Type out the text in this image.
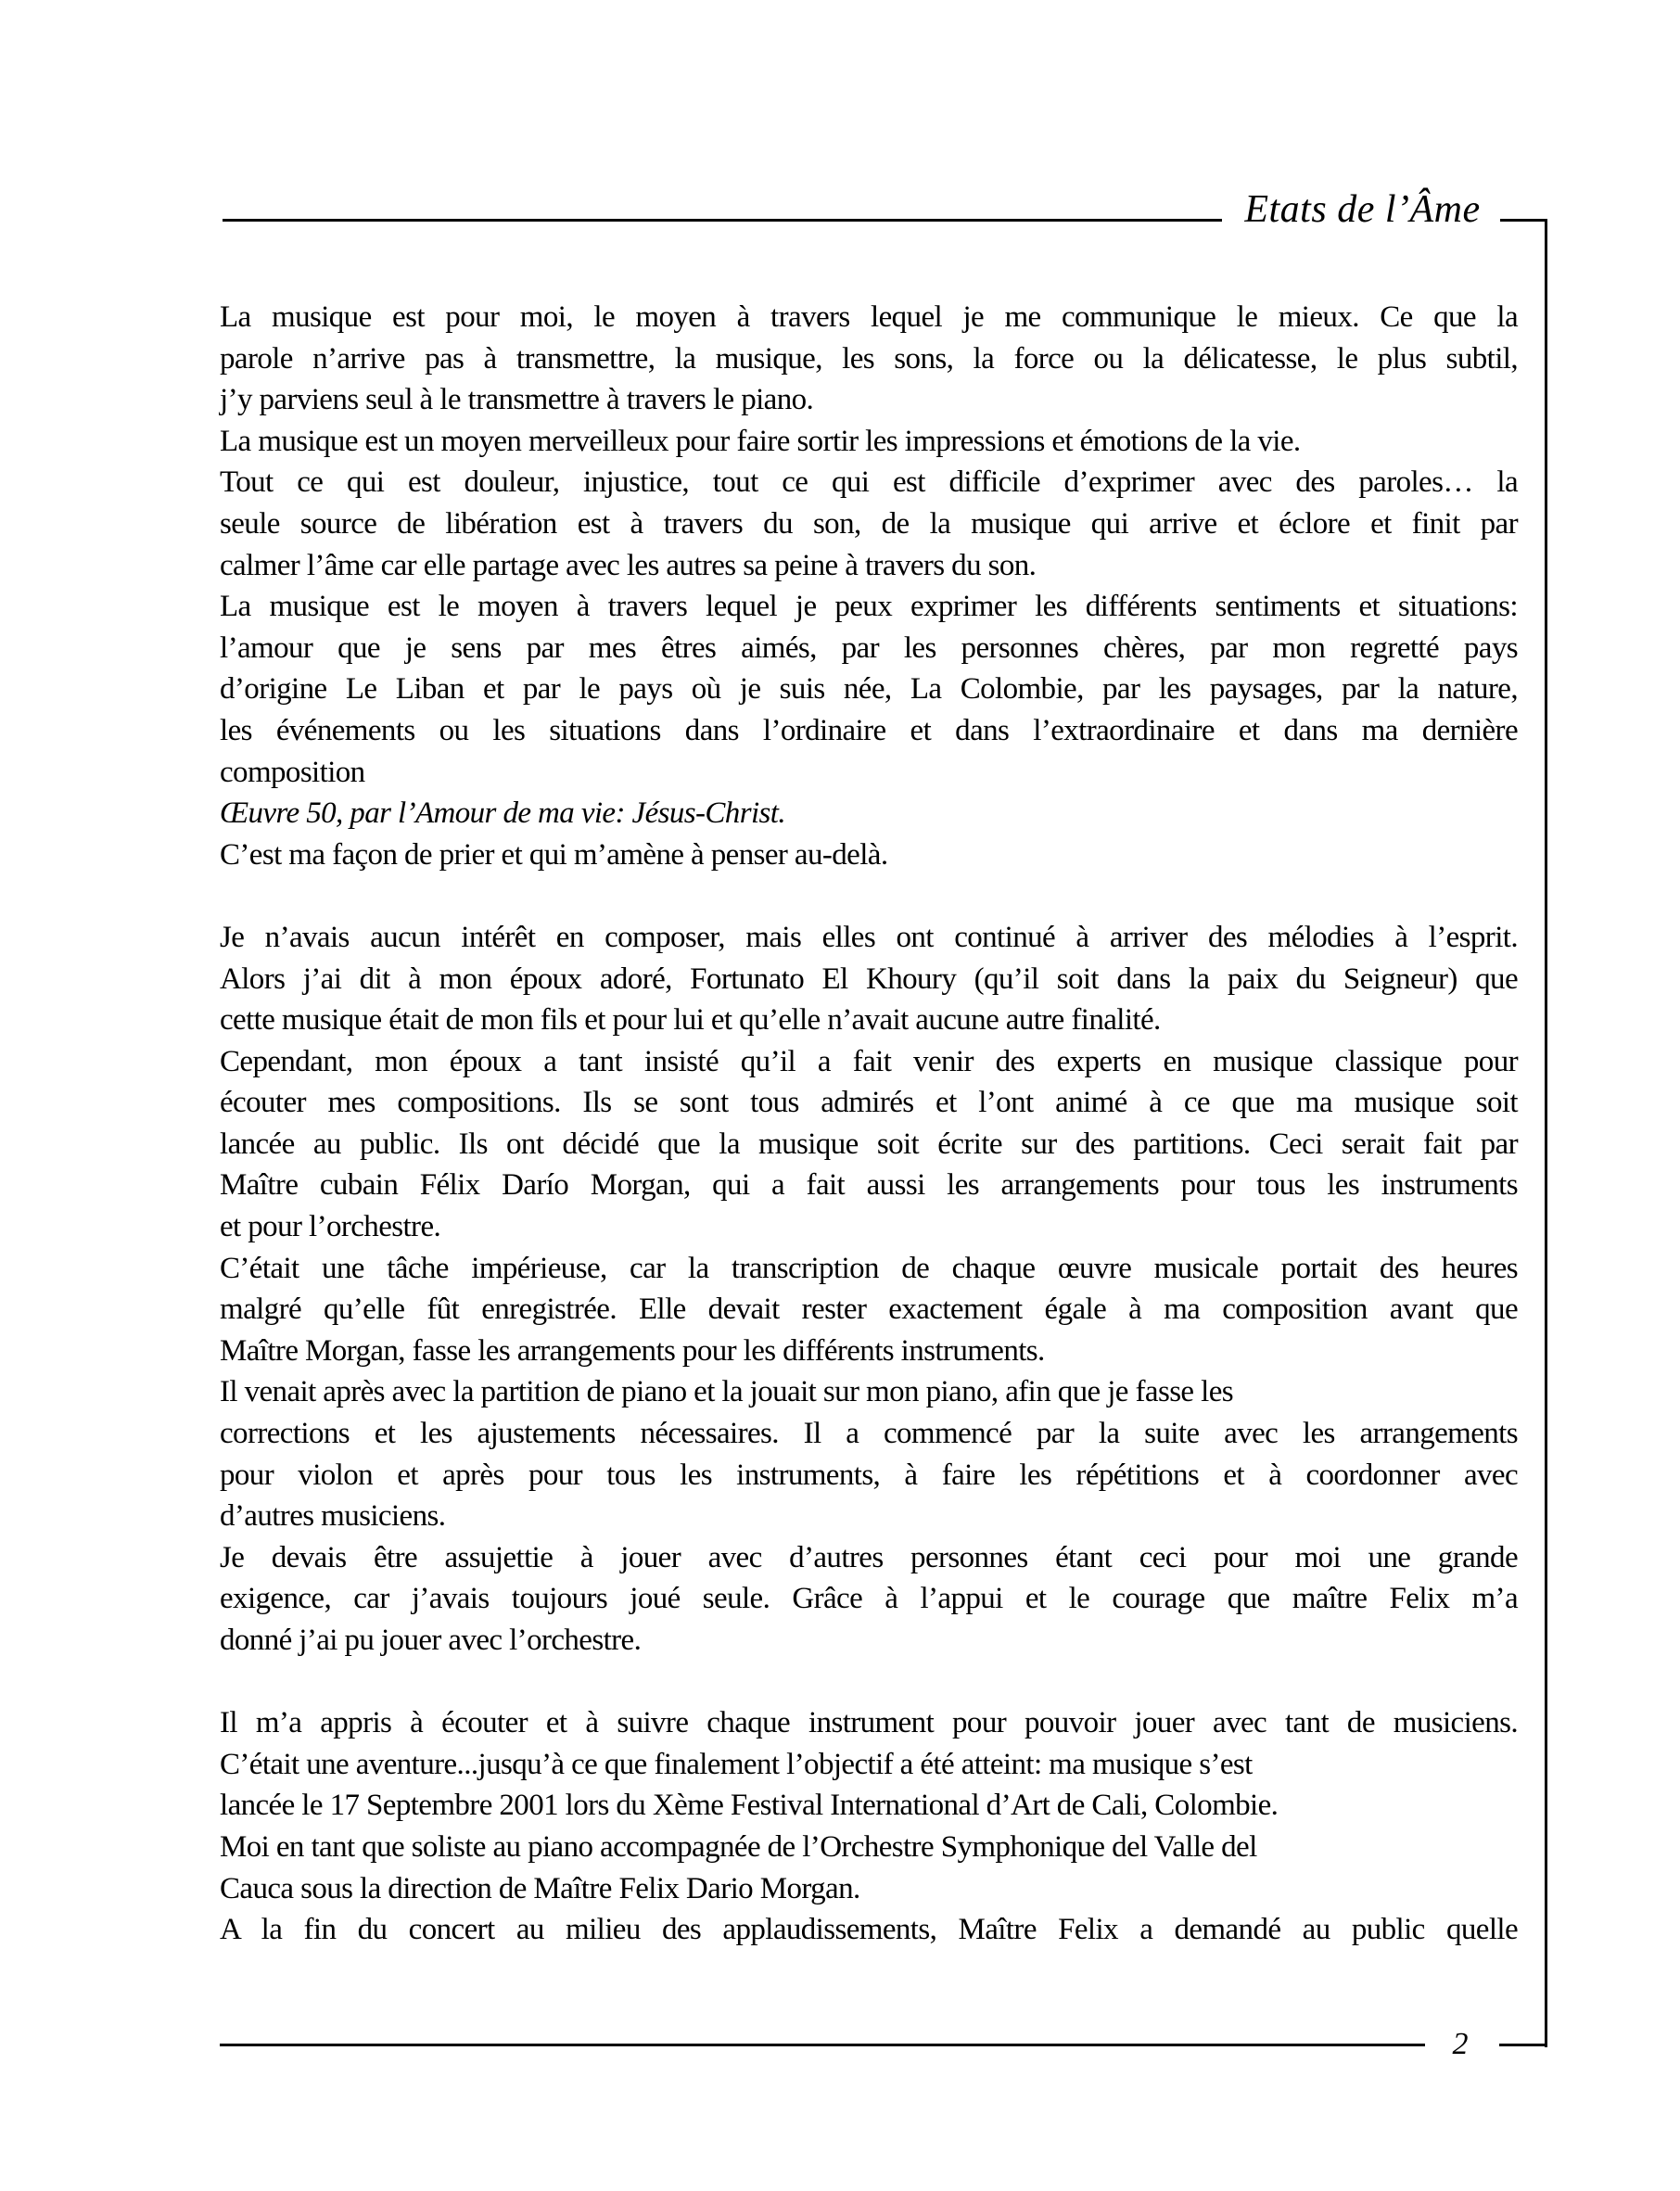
Etats de l’Âme
2
La musique est pour moi, le moyen à travers lequel je me communique le mieux. Ce que la
parole n’arrive pas à transmettre, la musique, les sons, la force ou la délicatesse, le plus subtil,
j’y parviens seul à le transmettre à travers le piano.
La musique est un moyen merveilleux pour faire sortir les impressions et émotions de la vie.
Tout ce qui est douleur, injustice, tout ce qui est difficile d’exprimer avec des paroles… la
seule source de libération est à travers du son, de la musique qui arrive et éclore et finit par
calmer l’âme car elle partage avec les autres sa peine à travers du son.
La musique est le moyen à travers lequel je peux exprimer les différents sentiments et situations:
l’amour que je sens par mes êtres aimés, par les personnes chères, par mon regretté pays
d’origine Le Liban et par le pays où je suis née, La Colombie, par les paysages, par la nature,
les événements ou les situations dans l’ordinaire et dans l’extraordinaire et dans ma dernière
composition
Œuvre 50, par l’Amour de ma vie: Jésus-Christ.
C’est ma façon de prier et qui m’amène à penser au-delà.
Je n’avais aucun intérêt en composer, mais elles ont continué à arriver des mélodies à l’esprit.
Alors j’ai dit à mon époux adoré, Fortunato El Khoury (qu’il soit dans la paix du Seigneur) que
cette musique était de mon fils et pour lui et qu’elle n’avait aucune autre finalité.
Cependant, mon époux a tant insisté qu’il a fait venir des experts en musique classique pour
écouter mes compositions. Ils se sont tous admirés et l’ont animé à ce que ma musique soit
lancée au public. Ils ont décidé que la musique soit écrite sur des partitions. Ceci serait fait par
Maître cubain Félix Darío Morgan, qui a fait aussi les arrangements pour tous les instruments
et pour l’orchestre.
C’était une tâche impérieuse, car la transcription de chaque œuvre musicale portait des heures
malgré qu’elle fût enregistrée. Elle devait rester exactement égale à ma composition avant que
Maître Morgan, fasse les arrangements pour les différents instruments.
Il venait après avec la partition de piano et la jouait sur mon piano, afin que je fasse les
corrections et les ajustements nécessaires. Il a commencé par la suite avec les arrangements
pour violon et après pour tous les instruments, à faire les répétitions et à coordonner avec
d’autres musiciens.
Je devais être assujettie à jouer avec d’autres personnes étant ceci pour moi une grande
exigence, car j’avais toujours joué seule. Grâce à l’appui et le courage que maître Felix m’a
donné j’ai pu jouer avec l’orchestre.
Il m’a appris à écouter et à suivre chaque instrument pour pouvoir jouer avec tant de musiciens.
C’était une aventure...jusqu’à ce que finalement l’objectif a été atteint: ma musique s’est
lancée le 17 Septembre 2001 lors du Xème Festival International d’Art de Cali, Colombie.
Moi en tant que soliste au piano accompagnée de l’Orchestre Symphonique del Valle del
Cauca sous la direction de Maître Felix Dario Morgan.
A la fin du concert au milieu des applaudissements, Maître Felix a demandé au public quelle
